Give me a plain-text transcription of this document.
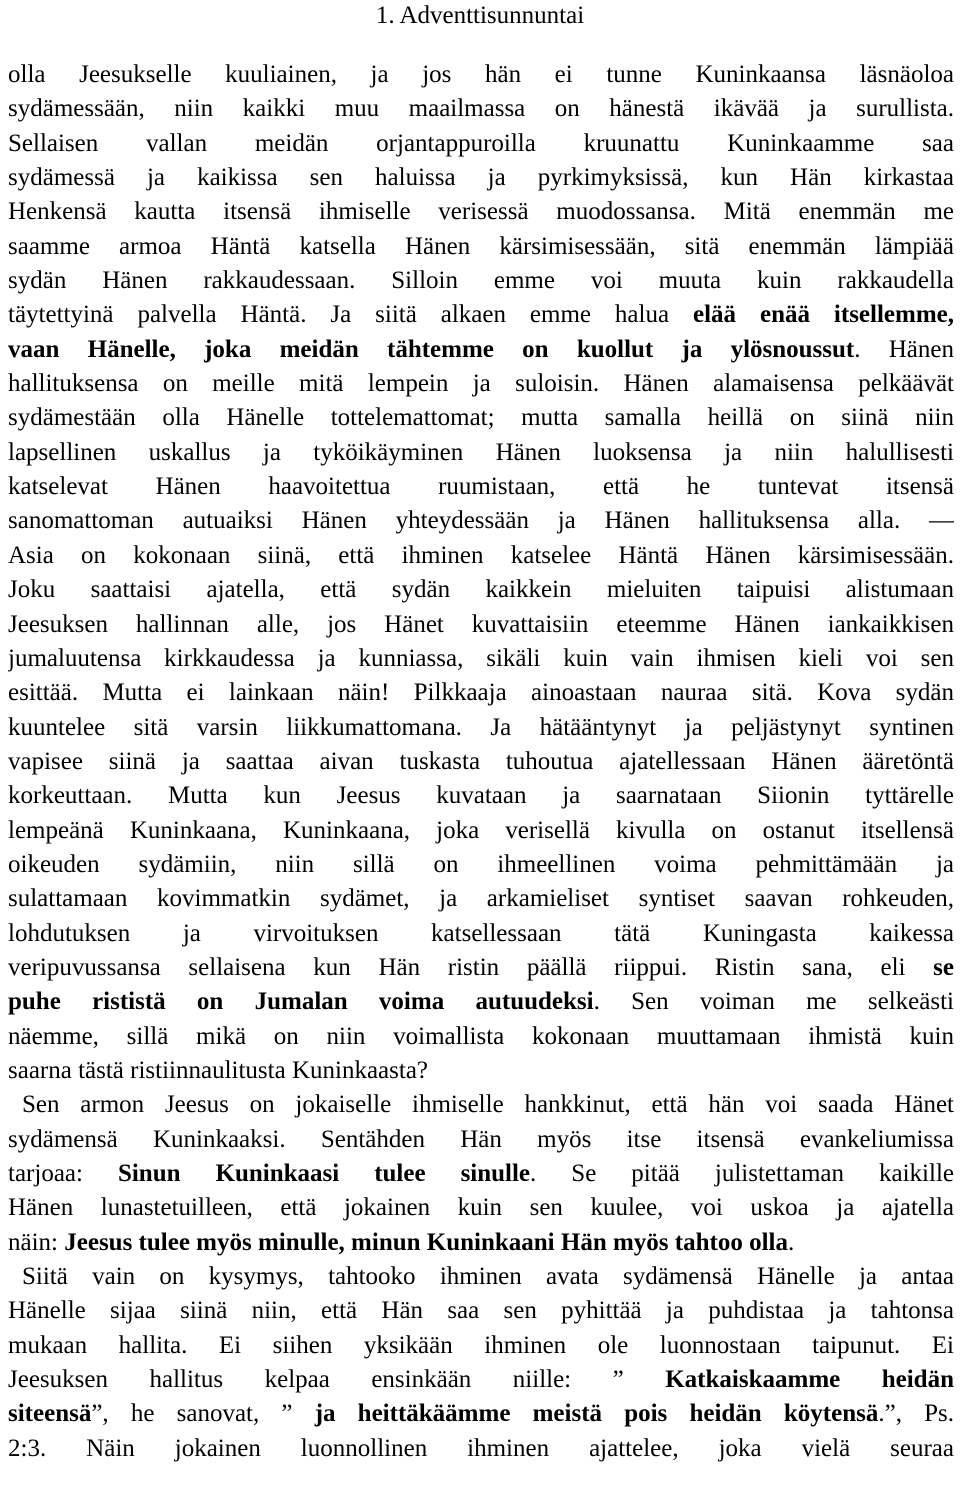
1. Adventtisunnuntai
olla Jeesukselle kuuliainen, ja jos hän ei tunne Kuninkaansa läsnäoloa
sydämessään, niin kaikki muu maailmassa on hänestä ikävää ja surullista.
Sellaisen vallan meidän orjantappuroilla kruunattu Kuninkaamme saa
sydämessä ja kaikissa sen haluissa ja pyrkimyksissä, kun Hän kirkastaa
Henkensä kautta itsensä ihmiselle verisessä muodossansa. Mitä enemmän me
saamme armoa Häntä katsella Hänen kärsimisessään, sitä enemmän lämpiää
sydän Hänen rakkaudessaan. Silloin emme voi muuta kuin rakkaudella
täytettyinä palvella Häntä. Ja siitä alkaen emme halua elää enää itsellemme,
vaan Hänelle, joka meidän tähtemme on kuollut ja ylösnoussut. Hänen
hallituksensa on meille mitä lempein ja suloisin. Hänen alamaisensa pelkäävät
sydämestään olla Hänelle tottelemattomat; mutta samalla heillä on siinä niin
lapsellinen uskallus ja tyköikäyminen Hänen luoksensa ja niin halullisesti
katselevat Hänen haavoitettua ruumistaan, että he tuntevat itsensä
sanomattoman autuaiksi Hänen yhteydessään ja Hänen hallituksensa alla. —
Asia on kokonaan siinä, että ihminen katselee Häntä Hänen kärsimisessään.
Joku saattaisi ajatella, että sydän kaikkein mieluiten taipuisi alistumaan
Jeesuksen hallinnan alle, jos Hänet kuvattaisiin eteemme Hänen iankaikkisen
jumaluutensa kirkkaudessa ja kunniassa, sikäli kuin vain ihmisen kieli voi sen
esittää. Mutta ei lainkaan näin! Pilkkaaja ainoastaan nauraa sitä. Kova sydän
kuuntelee sitä varsin liikkumattomana. Ja hätääntynyt ja peljästynyt syntinen
vapisee siinä ja saattaa aivan tuskasta tuhoutua ajatellessaan Hänen ääretöntä
korkeuttaan. Mutta kun Jeesus kuvataan ja saarnataan Siionin tyttärelle
lempeänä Kuninkaana, Kuninkaana, joka verisellä kivulla on ostanut itsellensä
oikeuden sydämiin, niin sillä on ihmeellinen voima pehmittämään ja
sulattamaan kovimmatkin sydämet, ja arkamieliset syntiset saavan rohkeuden,
lohdutuksen ja virvoituksen katsellessaan tätä Kuningasta kaikessa
veripuvussansa sellaisena kun Hän ristin päällä riippui. Ristin sana, eli se
puhe rististä on Jumalan voima autuudeksi. Sen voiman me selkeästi
näemme, sillä mikä on niin voimallista kokonaan muuttamaan ihmistä kuin
saarna tästä ristiinnaulitusta Kuninkaasta?
Sen armon Jeesus on jokaiselle ihmiselle hankkinut, että hän voi saada Hänet
sydämensä Kuninkaaksi. Sentähden Hän myös itse itsensä evankeliumissa
tarjoaa: Sinun Kuninkaasi tulee sinulle. Se pitää julistettaman kaikille
Hänen lunastetuilleen, että jokainen kuin sen kuulee, voi uskoa ja ajatella
näin: Jeesus tulee myös minulle, minun Kuninkaani Hän myös tahtoo olla.
Siitä vain on kysymys, tahtooko ihminen avata sydämensä Hänelle ja antaa
Hänelle sijaa siinä niin, että Hän saa sen pyhittää ja puhdistaa ja tahtonsa
mukaan hallita. Ei siihen yksikään ihminen ole luonnostaan taipunut. Ei
Jeesuksen hallitus kelpaa ensinkään niille: ” Katkaiskaamme heidän
siteensä”, he sanovat, ” ja heittäkäämme meistä pois heidän köytensä.”, Ps.
2:3. Näin jokainen luonnollinen ihminen ajattelee, joka vielä seuraa
